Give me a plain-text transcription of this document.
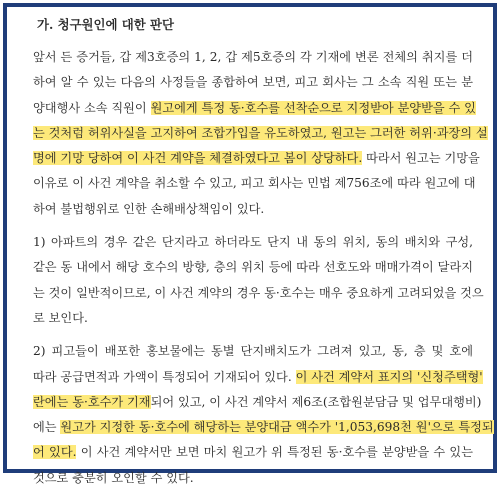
가. 청구원인에 대한 판단
앞서 든 증거들, 갑 제3호증의 1, 2, 갑 제5호증의 각 기재에 변론 전체의 취지를 더
하여 알 수 있는 다음의 사정들을 종합하여 보면, 피고 회사는 그 소속 직원 또는 분
양대행사 소속 직원이 원고에게 특정 동·호수를 선착순으로 지정받아 분양받을 수 있
는 것처럼 허위사실을 고지하여 조합가입을 유도하였고, 원고는 그러한 허위·과장의 설
명에 기망 당하여 이 사건 계약을 체결하였다고 봄이 상당하다. 따라서 원고는 기망을
이유로 이 사건 계약을 취소할 수 있고, 피고 회사는 민법 제756조에 따라 원고에 대
하여 불법행위로 인한 손해배상책임이 있다.
1) 아파트의 경우 같은 단지라고 하더라도 단지 내 동의 위치, 동의 배치와 구성,
같은 동 내에서 해당 호수의 방향, 층의 위치 등에 따라 선호도와 매매가격이 달라지
는 것이 일반적이므로, 이 사건 계약의 경우 동·호수는 매우 중요하게 고려되었을 것으
로 보인다.
2) 피고들이 배포한 홍보물에는 동별 단지배치도가 그려져 있고, 동, 층 및 호에
따라 공급면적과 가액이 특정되어 기재되어 있다. 이 사건 계약서 표지의 '신청주택형'
란에는 동·호수가 기재되어 있고, 이 사건 계약서 제6조(조합원분담금 및 업무대행비)
에는 원고가 지정한 동·호수에 해당하는 분양대금 액수가 '1,053,698천 원'으로 특정되
어 있다. 이 사건 계약서만 보면 마치 원고가 위 특정된 동·호수를 분양받을 수 있는
것으로 충분히 오인할 수 있다.
